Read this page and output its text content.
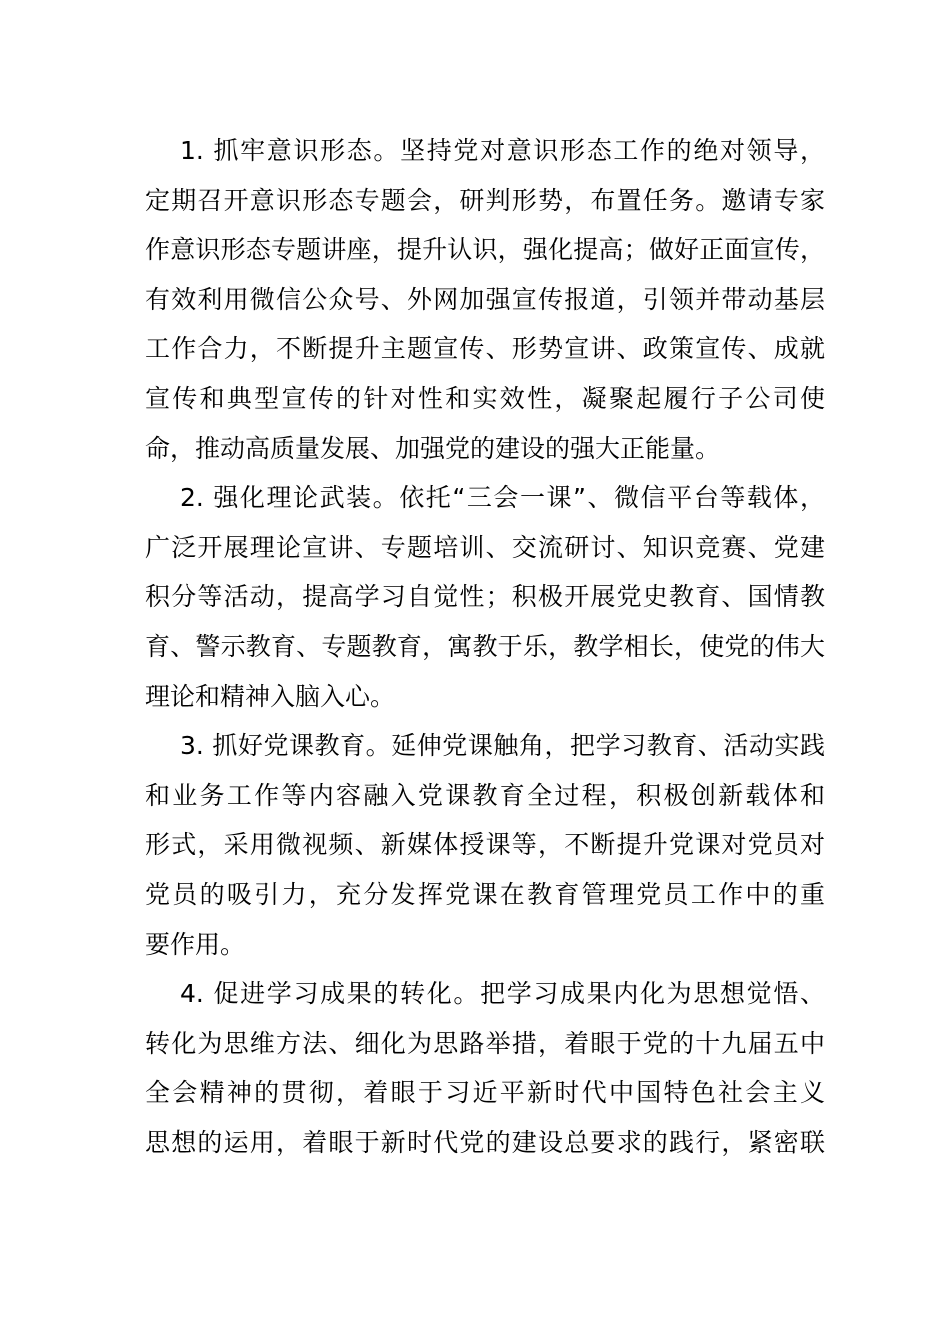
1. 抓牢意识形态。坚持党对意识形态工作的绝对领导，
定期召开意识形态专题会，研判形势，布置任务。邀请专家
作意识形态专题讲座，提升认识，强化提高；做好正面宣传，
有效利用微信公众号、外网加强宣传报道，引领并带动基层
工作合力，不断提升主题宣传、形势宣讲、政策宣传、成就
宣传和典型宣传的针对性和实效性，凝聚起履行子公司使
命，推动高质量发展、加强党的建设的强大正能量。

2. 强化理论武装。依托“三会一课”、微信平台等载体，
广泛开展理论宣讲、专题培训、交流研讨、知识竞赛、党建
积分等活动，提高学习自觉性；积极开展党史教育、国情教
育、警示教育、专题教育，寓教于乐，教学相长，使党的伟大
理论和精神入脑入心。

3. 抓好党课教育。延伸党课触角，把学习教育、活动实践
和业务工作等内容融入党课教育全过程，积极创新载体和
形式，采用微视频、新媒体授课等，不断提升党课对党员对
党员的吸引力，充分发挥党课在教育管理党员工作中的重
要作用。

4. 促进学习成果的转化。把学习成果内化为思想觉悟、
转化为思维方法、细化为思路举措，着眼于党的十九届五中
全会精神的贯彻，着眼于习近平新时代中国特色社会主义
思想的运用，着眼于新时代党的建设总要求的践行，紧密联
